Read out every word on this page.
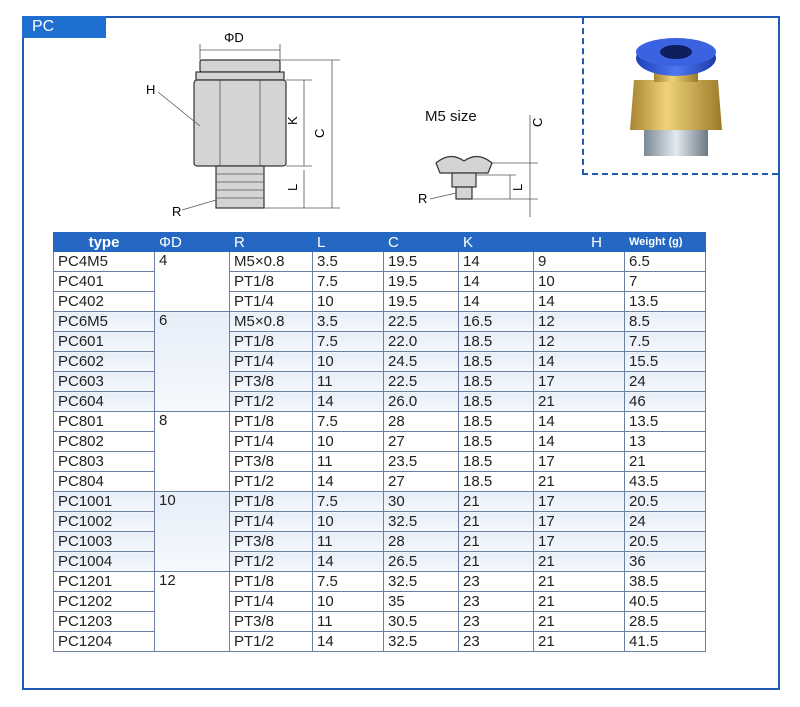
PC
ΦD
H
K
C
L
R
M5 size	C
L
R
type	ΦD	R	L	C	K	H	Weight (g)
PC4M5	4	M5×0.8	3.5	19.5	14	9	6.5
PC401		PT1/8	7.5	19.5	14	10	7
PC402		PT1/4	10	19.5	14	14	13.5
PC6M5	6	M5×0.8	3.5	22.5	16.5	12	8.5
PC601		PT1/8	7.5	22.0	18.5	12	7.5
PC602		PT1/4	10	24.5	18.5	14	15.5
PC603		PT3/8	11	22.5	18.5	17	24
PC604		PT1/2	14	26.0	18.5	21	46
PC801	8	PT1/8	7.5	28	18.5	14	13.5
PC802		PT1/4	10	27	18.5	14	13
PC803		PT3/8	11	23.5	18.5	17	21
PC804		PT1/2	14	27	18.5	21	43.5
PC1001	10	PT1/8	7.5	30	21	17	20.5
PC1002		PT1/4	10	32.5	21	17	24
PC1003		PT3/8	11	28	21	17	20.5
PC1004		PT1/2	14	26.5	21	21	36
PC1201	12	PT1/8	7.5	32.5	23	21	38.5
PC1202		PT1/4	10	35	23	21	40.5
PC1203		PT3/8	11	30.5	23	21	28.5
PC1204		PT1/2	14	32.5	23	21	41.5
